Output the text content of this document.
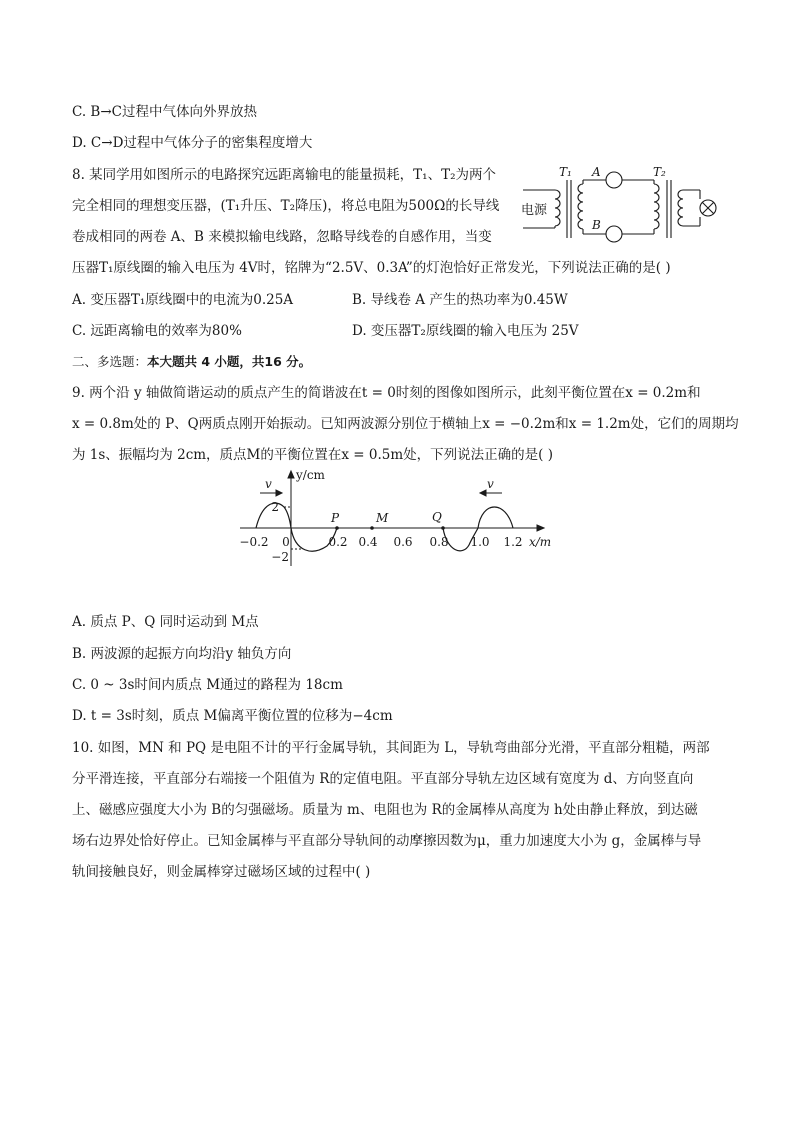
C. B→C过程中气体向外界放热
D. C→D过程中气体分子的密集程度增大
8. 某同学用如图所示的电路探究远距离输电的能量损耗，T₁、T₂为两个
完全相同的理想变压器，(T₁升压、T₂降压)，将总电阻为500Ω的长导线
卷成相同的两卷 A、B 来模拟输电线路，忽略导线卷的自感作用，当变
压器T₁原线圈的输入电压为 4V时，铭牌为“2.5V、0.3A”的灯泡恰好正常发光，下列说法正确的是( )
电源
T₁ A
B
T₂
A. 变压器T₁原线圈中的电流为0.25A	B. 导线卷 A 产生的热功率为0.45W
C. 远距离输电的效率为80%	D. 变压器T₂原线圈的输入电压为 25V
二、多选题：本大题共 4 小题，共16 分。
9. 两个沿 y 轴做简谐运动的质点产生的简谐波在t = 0时刻的图像如图所示，此刻平衡位置在x = 0.2m和
x = 0.8m处的 P、Q两质点刚开始振动。已知两波源分别位于横轴上x = −0.2m和x = 1.2m处，它们的周期均
为 1s、振幅均为 2cm，质点M的平衡位置在x = 0.5m处，下列说法正确的是( )
v	v
y/cm
x/m
2
−2
P	M	Q
−0.2 0	0.2 0.4 0.6 0.8 1.0 1.2
A. 质点 P、Q 同时运动到 M点
B. 两波源的起振方向均沿y 轴负方向
C. 0 ~ 3s时间内质点 M通过的路程为 18cm
D. t = 3s时刻，质点 M偏离平衡位置的位移为−4cm
10. 如图，MN 和 PQ 是电阻不计的平行金属导轨，其间距为 L，导轨弯曲部分光滑，平直部分粗糙，两部
分平滑连接，平直部分右端接一个阻值为 R的定值电阻。平直部分导轨左边区域有宽度为 d、方向竖直向
上、磁感应强度大小为 B的匀强磁场。质量为 m、电阻也为 R的金属棒从高度为 h处由静止释放，到达磁
场右边界处恰好停止。已知金属棒与平直部分导轨间的动摩擦因数为μ，重力加速度大小为 g，金属棒与导
轨间接触良好，则金属棒穿过磁场区域的过程中( )
